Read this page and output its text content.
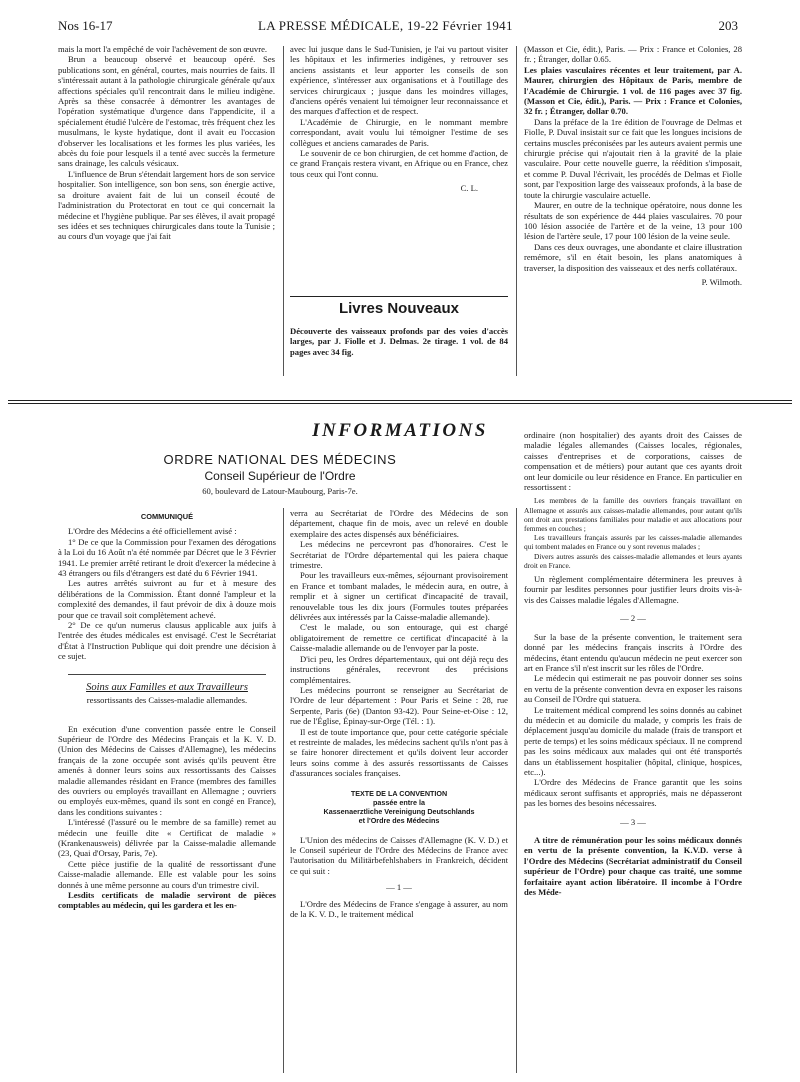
Nos 16-17	LA PRESSE MÉDICALE, 19-22 Février 1941	203

mais la mort l'a empêché de voir l'achèvement de son œuvre.

Brun a beaucoup observé et beaucoup opéré. Ses publications sont, en général, courtes, mais nourries de faits. Il s'intéressait autant à la pathologie chirurgicale générale qu'aux affections spéciales qu'il rencontrait dans le milieu indigène. Après sa thèse consacrée à démontrer les avantages de l'opération systématique d'urgence dans l'appendicite, il a spécialement étudié l'ulcère de l'estomac, très fréquent chez les musulmans, le kyste hydatique, dont il avait eu l'occasion d'observer les localisations et les formes les plus variées, les abcès du foie pour lesquels il a tenté avec succès la fermeture sans drainage, les calculs vésicaux.

L'influence de Brun s'étendait largement hors de son service hospitalier. Son intelligence, son bon sens, son énergie active, sa droiture avaient fait de lui un conseil écouté de l'administration du Protectorat en tout ce qui concernait la médecine et l'hygiène publique. Par ses élèves, il avait propagé ses idées et ses techniques chirurgicales dans toute la Tunisie ; au cours d'un voyage que j'ai fait

avec lui jusque dans le Sud-Tunisien, je l'ai vu partout visiter les hôpitaux et les infirmeries indigènes, y retrouver ses anciens assistants et leur apporter les conseils de son expérience, s'intéresser aux organisations et à l'outillage des services chirurgicaux ; jusque dans les moindres villages, d'anciens opérés venaient lui témoigner leur reconnaissance et des marques d'affection et de respect.

L'Académie de Chirurgie, en le nommant membre correspondant, avait voulu lui témoigner l'estime de ses collègues et anciens camarades de Paris.

Le souvenir de ce bon chirurgien, de cet homme d'action, de ce grand Français restera vivant, en Afrique ou en France, chez tous ceux qui l'ont connu.

C. L.
Livres Nouveaux

Découverte des vaisseaux profonds par des voies d'accès larges, par J. Fiolle et J. Delmas. 2e tirage. 1 vol. de 84 pages avec 34 fig.

(Masson et Cie, édit.), Paris. — Prix : France et Colonies, 28 fr. ; Étranger, dollar 0.65.

Les plaies vasculaires récentes et leur traitement, par A. Maurer, chirurgien des Hôpitaux de Paris, membre de l'Académie de Chirurgie. 1 vol. de 116 pages avec 37 fig. (Masson et Cie, édit.), Paris. — Prix : France et Colonies, 32 fr. ; Étranger, dollar 0.70.

Dans la préface de la 1re édition de l'ouvrage de Delmas et Fiolle, P. Duval insistait sur ce fait que les longues incisions de certains muscles préconisées par les auteurs avaient permis une chirurgie précise qui n'ajoutait rien à la gravité de la plaie vasculaire. Pour cette nouvelle guerre, la réédition s'imposait, et comme P. Duval l'écrivait, les procédés de Delmas et Fiolle sont, par l'exposition large des vaisseaux profonds, à la base de toute la chirurgie vasculaire actuelle.

Maurer, en outre de la technique opératoire, nous donne les résultats de son expérience de 444 plaies vasculaires. 70 pour 100 lésion associée de l'artère et de la veine, 13 pour 100 lésion de l'artère seule, 17 pour 100 lésion de la veine seule.

Dans ces deux ouvrages, une abondante et claire illustration remémore, s'il en était besoin, les plans anatomiques à traverser, la disposition des vaisseaux et des nerfs collatéraux.

P. Wilmoth.
INFORMATIONS
ORDRE NATIONAL DES MÉDECINS
Conseil Supérieur de l'Ordre
60, boulevard de Latour-Maubourg, Paris-7e.
COMMUNIQUÉ

L'Ordre des Médecins a été officiellement avisé :

1° De ce que la Commission pour l'examen des dérogations à la Loi du 16 Août n'a été nommée par Décret que le 3 Février 1941. Le premier arrêté retirant le droit d'exercer la médecine à 43 étrangers ou fils d'étrangers est daté du 6 Février 1941.

Les autres arrêtés suivront au fur et à mesure des délibérations de la Commission. Étant donné l'ampleur et la complexité des demandes, il faut prévoir de dix à douze mois pour que ce travail soit complètement achevé.

2° De ce qu'un numerus clausus applicable aux juifs à l'entrée des études médicales est envisagé. C'est le Secrétariat d'État à l'Instruction Publique qui doit prendre une décision à ce sujet.

Soins aux Familles et aux Travailleurs
ressortissants des Caisses-maladie allemandes.

En exécution d'une convention passée entre le Conseil Supérieur de l'Ordre des Médecins Français et la K. V. D. (Union des Médecins de Caisses d'Allemagne), les médecins français de la zone occupée sont avisés qu'ils peuvent être amenés à donner leurs soins aux ressortissants des Caisses maladie allemandes résidant en France (membres des familles des ouvriers ou employés travaillant en Allemagne ; ouvriers ou employés eux-mêmes, quand ils sont en congé en France), dans les conditions suivantes :

L'intéressé (l'assuré ou le membre de sa famille) remet au médecin une feuille dite « Certificat de maladie » (Krankenausweis) délivrée par la Caisse-maladie allemande (23, Quai d'Orsay, Paris, 7e).

Cette pièce justifie de la qualité de ressortissant d'une Caisse-maladie allemande. Elle est valable pour les soins donnés à une même personne au cours d'un trimestre civil.

Lesdits certificats de maladie serviront de pièces comptables au médecin, qui les gardera et les en-

verra au Secrétariat de l'Ordre des Médecins de son département, chaque fin de mois, avec un relevé en double exemplaire des actes dispensés aux bénéficiaires.

Les médecins ne percevront pas d'honoraires. C'est le Secrétariat de l'Ordre départemental qui les paiera chaque trimestre.

Pour les travailleurs eux-mêmes, séjournant provisoirement en France et tombant malades, le médecin aura, en outre, à remplir et à signer un certificat d'incapacité de travail, renouvelable tous les dix jours (Formules toutes préparées délivrées aux intéressés par la Caisse-maladie allemande).

C'est le malade, ou son entourage, qui est chargé obligatoirement de remettre ce certificat d'incapacité à la Caisse-maladie allemande ou de l'envoyer par la poste.

D'ici peu, les Ordres départementaux, qui ont déjà reçu des instructions générales, recevront des précisions complémentaires.

Les médecins pourront se renseigner au Secrétariat de l'Ordre de leur département : Pour Paris et Seine : 28, rue Serpente, Paris (6e) (Danton 93-42). Pour Seine-et-Oise : 12, rue de l'Église, Épinay-sur-Orge (Tél. : 1).

Il est de toute importance que, pour cette catégorie spéciale et restreinte de malades, les médecins sachent qu'ils n'ont pas à se faire honorer directement et qu'ils doivent leur accorder leurs soins comme à des assurés ressortissants de Caisses d'assurances sociales françaises.

TEXTE DE LA CONVENTION
passée entre la
Kassenaerztliche Vereinigung Deutschlands
et l'Ordre des Médecins

L'Union des médecins de Caisses d'Allemagne (K. V. D.) et le Conseil supérieur de l'Ordre des Médecins de France avec l'autorisation du Militärbefehlshabers in Frankreich, décident ce qui suit :

— 1 —

L'Ordre des Médecins de France s'engage à assurer, au nom de la K. V. D., le traitement médical

ordinaire (non hospitalier) des ayants droit des Caisses de maladie légales allemandes (Caisses locales, régionales, caisses d'entreprises et de corporations, caisses de compensation et de métiers) pour autant que ces ayants droit ont leur domicile ou leur résidence en France. En particulier en ressortissent :

Les membres de la famille des ouvriers français travaillant en Allemagne et assurés aux caisses-maladie allemandes, pour autant qu'ils ont droit aux prestations familiales pour maladie et aux allocations pour femmes en couches ;

Les travailleurs français assurés par les caisses-maladie allemandes qui tombent malades en France ou y sont revenus malades ;

Divers autres assurés des caisses-maladie allemandes et leurs ayants droit en France.

Un règlement complémentaire déterminera les preuves à fournir par lesdites personnes pour justifier leurs droits vis-à-vis des Caisses maladie légales d'Allemagne.

— 2 —

Sur la base de la présente convention, le traitement sera donné par les médecins français inscrits à l'Ordre des médecins, étant entendu qu'aucun médecin ne peut exercer son art en France s'il n'est inscrit sur les rôles de l'Ordre.

Le médecin qui estimerait ne pas pouvoir donner ses soins en vertu de la présente convention devra en exposer les raisons au Conseil de l'Ordre qui statuera.

Le traitement médical comprend les soins donnés au cabinet du médecin et au domicile du malade, y compris les frais de déplacement jusqu'au domicile du malade (frais de transport et perte de temps) et les soins médicaux spéciaux. Il ne comprend pas les soins médicaux aux malades qui ont été transportés dans un établissement hospitalier (hôpital, clinique, hospices, etc...).

L'Ordre des Médecins de France garantit que les soins médicaux seront suffisants et appropriés, mais ne dépasseront pas les bornes des besoins nécessaires.

— 3 —

A titre de rémunération pour les soins médicaux donnés en vertu de la présente convention, la K.V.D. verse à l'Ordre des Médecins (Secrétariat administratif du Conseil supérieur de l'Ordre) pour chaque cas traité, une somme forfaitaire ayant action libératoire. Il incombe à l'Ordre des Méde-
